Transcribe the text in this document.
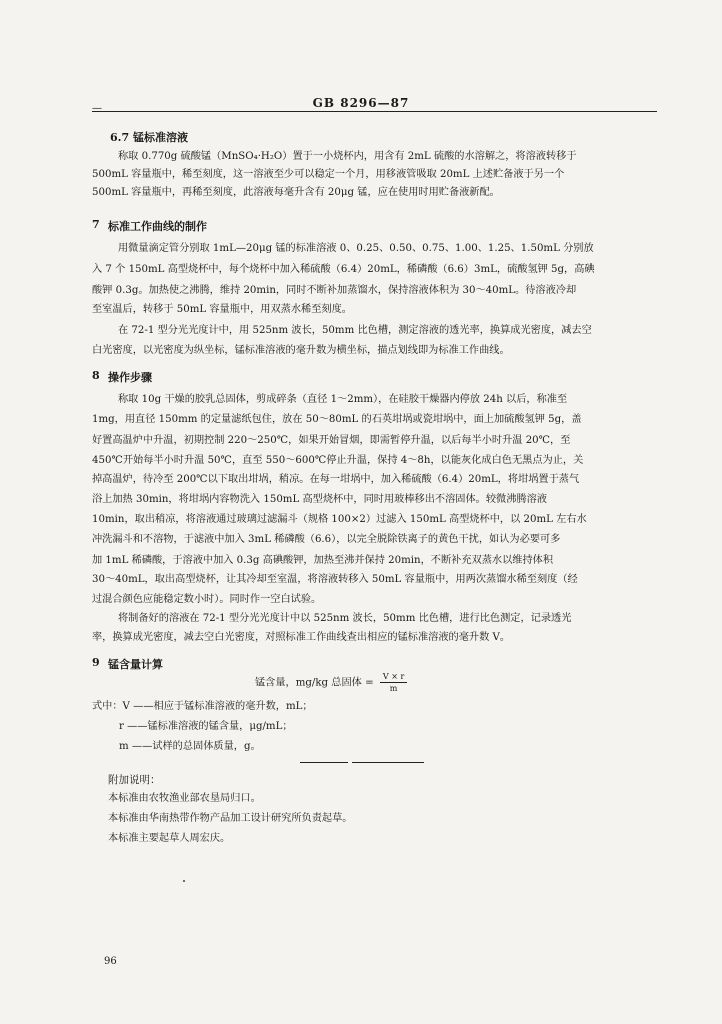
—	GB 8296—87
6.7 锰标准溶液
称取 0.770g 硫酸锰（MnSO₄·H₂O）置于一小烧杯内，用含有 2mL 硫酸的水溶解之，将溶液转移于
500mL 容量瓶中，稀至刻度，这一溶液至少可以稳定一个月，用移液管吸取 20mL 上述贮备液于另一个
500mL 容量瓶中，再稀至刻度，此溶液每毫升含有 20μg 锰，应在使用时用贮备液新配。
7 标准工作曲线的制作
用微量滴定管分别取 1mL—20μg 锰的标准溶液 0、0.25、0.50、0.75、1.00、1.25、1.50mL 分别放
入 7 个 150mL 高型烧杯中，每个烧杯中加入稀硫酸（6.4）20mL，稀磷酸（6.6）3mL，硫酸氢钾 5g，高碘
酸钾 0.3g。加热使之沸腾，维持 20min，同时不断补加蒸馏水，保持溶液体积为 30～40mL。待溶液冷却
至室温后，转移于 50mL 容量瓶中，用双蒸水稀至刻度。
在 72-1 型分光光度计中，用 525nm 波长，50mm 比色槽，测定溶液的透光率，换算成光密度，减去空
白光密度，以光密度为纵坐标，锰标准溶液的毫升数为横坐标，描点划线即为标准工作曲线。
8 操作步骤
称取 10g 干燥的胶乳总固体，剪成碎条（直径 1～2mm），在硅胶干燥器内停放 24h 以后，称准至
1mg，用直径 150mm 的定量滤纸包住，放在 50～80mL 的石英坩埚或瓷坩埚中，面上加硫酸氢钾 5g，盖
好置高温炉中升温，初期控制 220～250℃，如果开始冒烟，即需暂停升温，以后每半小时升温 20℃，至
450℃开始每半小时升温 50℃，直至 550～600℃停止升温，保持 4～8h，以能灰化成白色无黑点为止，关
掉高温炉，待冷至 200℃以下取出坩埚，稍凉。在每一坩埚中，加入稀硫酸（6.4）20mL，将坩埚置于蒸气
浴上加热 30min，将坩埚内容物洗入 150mL 高型烧杯中，同时用玻棒移出不溶固体。较微沸腾溶液
10min，取出稍凉，将溶液通过玻璃过滤漏斗（规格 100×2）过滤入 150mL 高型烧杯中，以 20mL 左右水
冲洗漏斗和不溶物，于滤液中加入 3mL 稀磷酸（6.6），以完全脱除铁离子的黄色干扰，如认为必要可多
加 1mL 稀磷酸，于溶液中加入 0.3g 高碘酸钾，加热至沸并保持 20min，不断补充双蒸水以维持体积
30～40mL，取出高型烧杯，让其冷却至室温，将溶液转移入 50mL 容量瓶中，用两次蒸馏水稀至刻度（经
过混合颜色应能稳定数小时）。同时作一空白试验。
将制备好的溶液在 72-1 型分光光度计中以 525nm 波长，50mm 比色槽，进行比色测定，记录透光
率，换算成光密度，减去空白光密度，对照标准工作曲线查出相应的锰标准溶液的毫升数 V。
9 锰含量计算
锰含量，mg/kg 总固体 = $\frac{V \times r}{m}$
式中：V ——相应于锰标准溶液的毫升数，mL；
r ——锰标准溶液的锰含量，μg/mL；
m ——试样的总固体质量，g。
附加说明：
本标准由农牧渔业部农垦局归口。
本标准由华南热带作物产品加工设计研究所负责起草。
本标准主要起草人周宏庆。
96
